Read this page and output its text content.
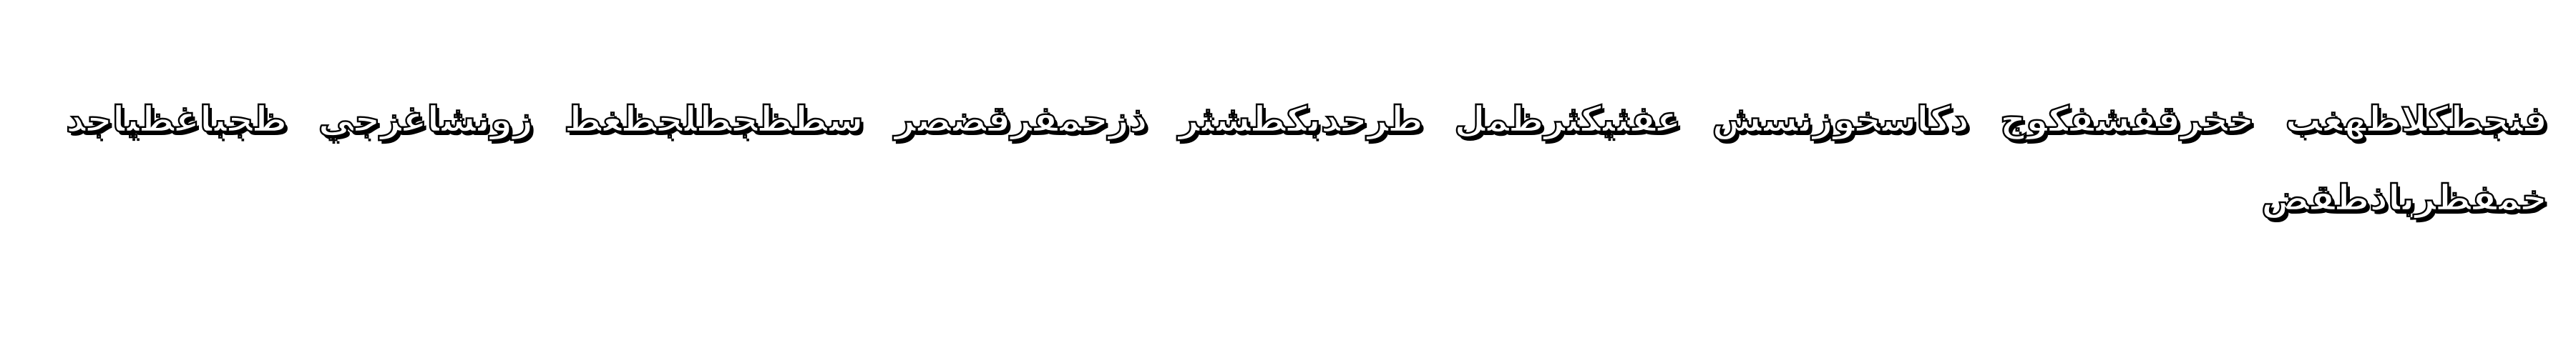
فنجطكلاظهغب خخرقفشفكوج دكاسخوزنسش عفثيكثرظمل طرحدبكطشثر ذزحمفرقضصر سطظجطلجظغط زونشاغزجي ظجباغظياجد
خمفظرباذطقض
